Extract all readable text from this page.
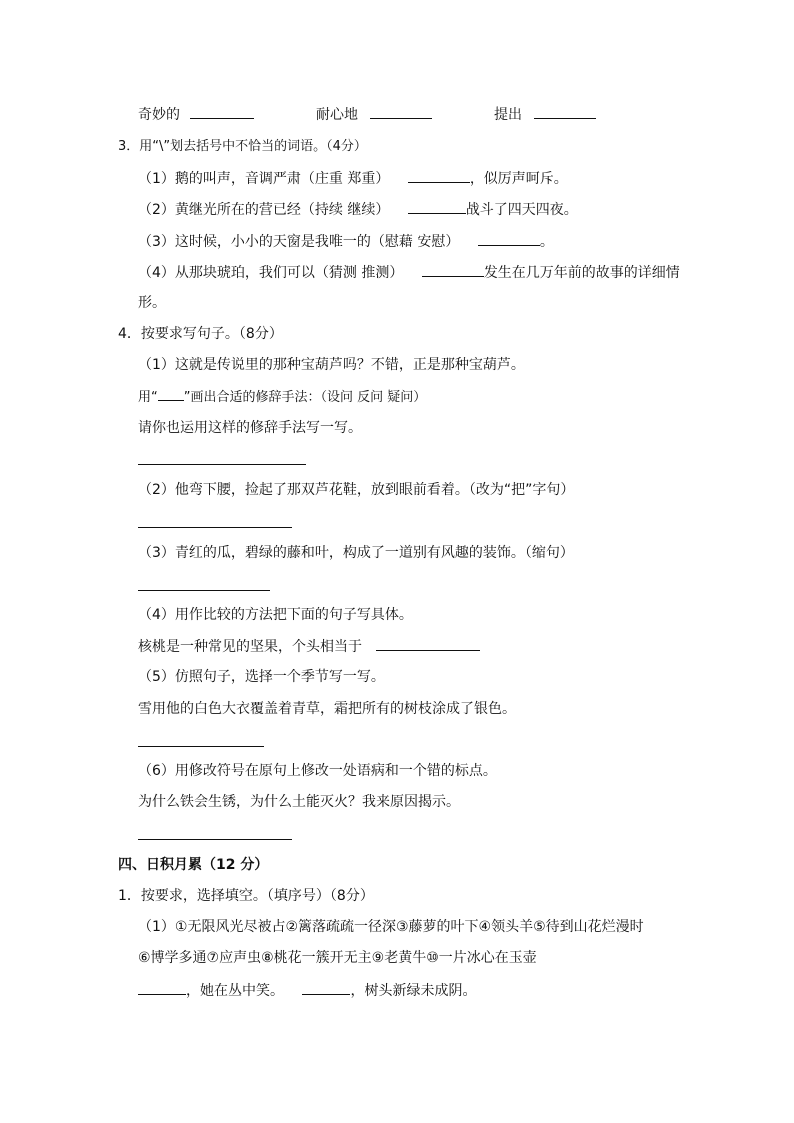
奇妙的	耐心地	提出
3．用“\”划去括号中不恰当的词语。（4分）
（1）鹅的叫声，音调严肃（庄重 郑重）	，似厉声呵斥。
（2）黄继光所在的营已经（持续 继续）	战斗了四天四夜。
（3）这时候，小小的天窗是我唯一的（慰藉 安慰）	。
（4）从那块琥珀，我们可以（猜测 推测）	发生在几万年前的故事的详细情
形。
4．按要求写句子。（8分）
（1）这就是传说里的那种宝葫芦吗？不错，正是那种宝葫芦。
用“ ”画出合适的修辞手法：（设问 反问 疑问）
请你也运用这样的修辞手法写一写。
（2）他弯下腰，捡起了那双芦花鞋，放到眼前看着。（改为“把”字句）
（3）青红的瓜，碧绿的藤和叶，构成了一道别有风趣的装饰。（缩句）
（4）用作比较的方法把下面的句子写具体。
核桃是一种常见的坚果，个头相当于
（5）仿照句子，选择一个季节写一写。
雪用他的白色大衣覆盖着青草，霜把所有的树枝涂成了银色。
（6）用修改符号在原句上修改一处语病和一个错的标点。
为什么铁会生锈，为什么土能灭火？我来原因揭示。
四、日积月累（12 分）
1．按要求，选择填空。（填序号）（8分）
（1）①无限风光尽被占②篱落疏疏一径深③藤萝的叶下④领头羊⑤待到山花烂漫时
⑥博学多通⑦应声虫⑧桃花一簇开无主⑨老黄牛⑩一片冰心在玉壶
，她在丛中笑。	，树头新绿未成阴。
